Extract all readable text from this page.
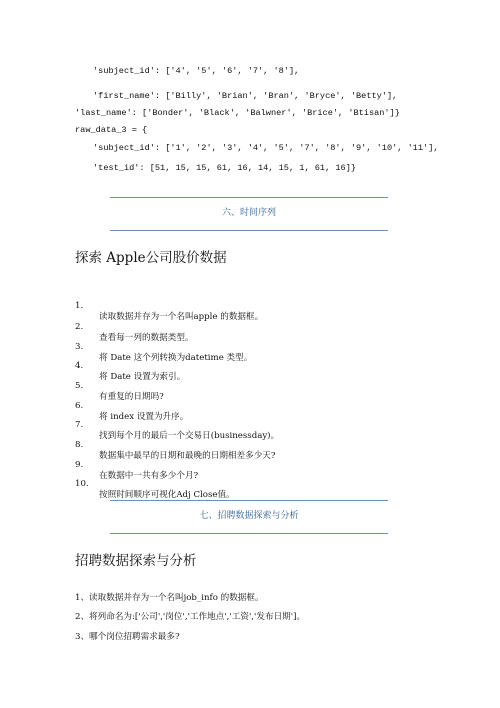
'subject_id': ['4', '5', '6', '7', '8'],
'first_name': ['Billy', 'Brian', 'Bran', 'Bryce', 'Betty'],
'last_name': ['Bonder', 'Black', 'Balwner', 'Brice', 'Btisan']}
raw_data_3 = {
'subject_id': ['1', '2', '3', '4', '5', '7', '8', '9', '10', '11'],
'test_id': [51, 15, 15, 61, 16, 14, 15, 1, 61, 16]}
六、时间序列
探索 Apple公司股价数据

1.

读取数据并存为一个名叫apple 的数据框。

2.

查看每一列的数据类型。

3.

将 Date 这个列转换为datetime 类型。

4.

将 Date 设置为索引。

5.

有重复的日期吗?

6.

将 index 设置为升序。

7.

找到每个月的最后一个交易日(businessday)。

8.

数据集中最早的日期和最晚的日期相差多少天?

9.

在数据中一共有多少个月?

10.

按照时间顺序可视化Adj Close值。

七、招聘数据探索与分析
招聘数据探索与分析
1、读取数据并存为一个名叫job_info 的数据框。
2、将列命名为:['公司','岗位','工作地点','工资','发布日期']。
3、哪个岗位招聘需求最多?
